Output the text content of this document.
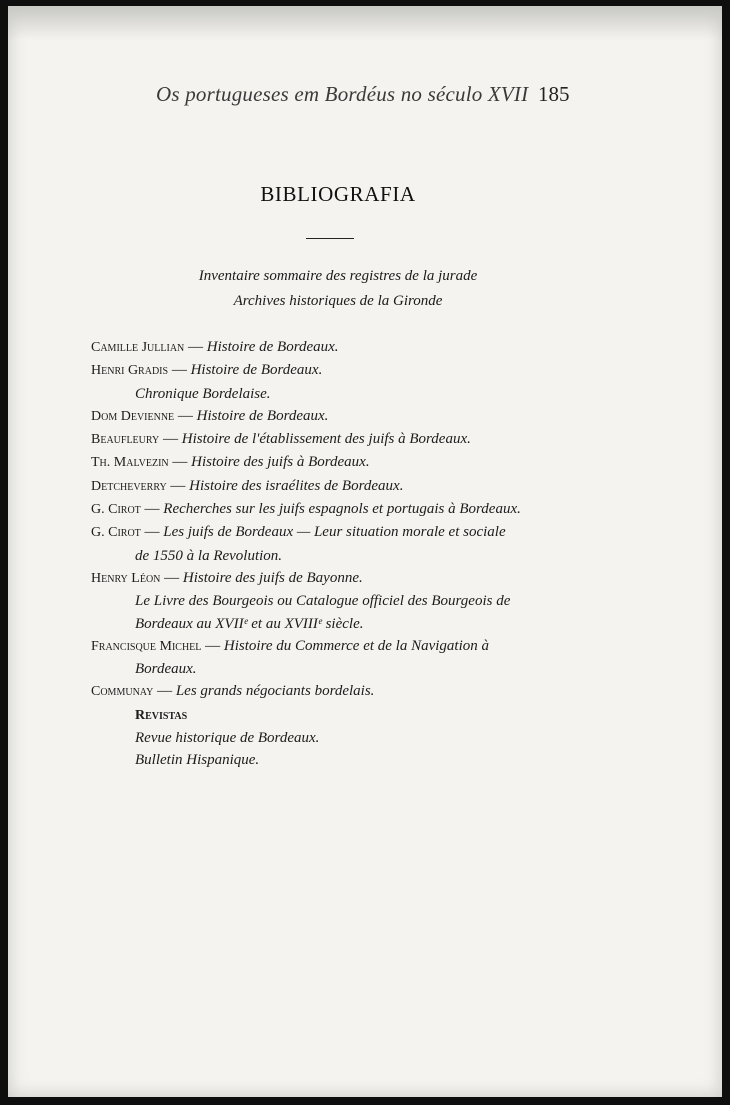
Os portugueses em Bordéus no século XVII 185
BIBLIOGRAFIA
Inventaire sommaire des registres de la jurade
Archives historiques de la Gironde
Camille Jullian — Histoire de Bordeaux.
Henri Gradis — Histoire de Bordeaux.
Chronique Bordelaise.
Dom Devienne — Histoire de Bordeaux.
Beaufleury — Histoire de l'établissement des juifs à Bordeaux.
Th. Malvezin — Histoire des juifs à Bordeaux.
Detcheverry — Histoire des israélites de Bordeaux.
G. Cirot — Recherches sur les juifs espagnols et portugais à Bordeaux.
G. Cirot — Les juifs de Bordeaux — Leur situation morale et sociale
de 1550 à la Revolution.
Henry Léon — Histoire des juifs de Bayonne.
Le Livre des Bourgeois ou Catalogue officiel des Bourgeois de
Bordeaux au XVIIᵉ et au XVIIIᵉ siècle.
Francisque Michel — Histoire du Commerce et de la Navigation à
Bordeaux.
Communay — Les grands négociants bordelais.
Revistas
Revue historique de Bordeaux.
Bulletin Hispanique.
